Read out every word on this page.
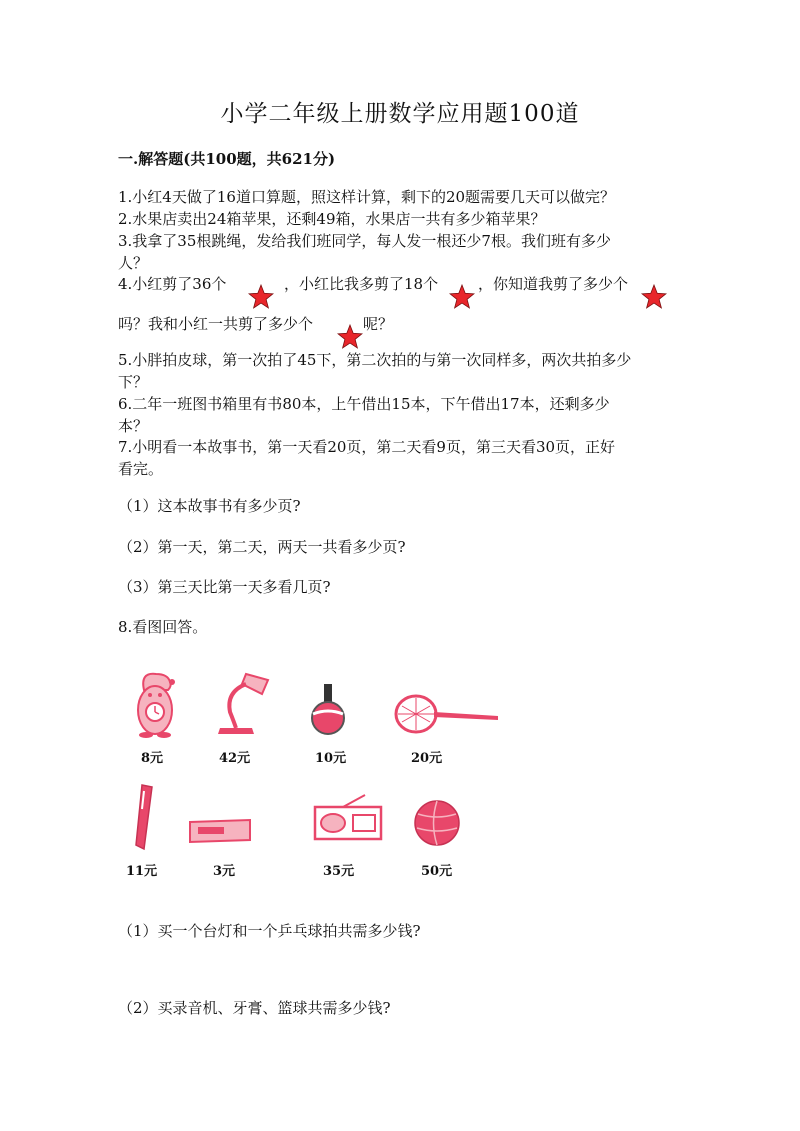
小学二年级上册数学应用题100道
一.解答题(共100题，共621分)
1.小红4天做了16道口算题，照这样计算，剩下的20题需要几天可以做完？
2.水果店卖出24箱苹果，还剩49箱，水果店一共有多少箱苹果？
3.我拿了35根跳绳，发给我们班同学，每人发一根还少7根。我们班有多少
人？
4.小红剪了36个	，小红比我多剪了18个	，你知道我剪了多少个
吗？我和小红一共剪了多少个	呢？
5.小胖拍皮球，第一次拍了45下，第二次拍的与第一次同样多，两次共拍多少
下？
6.二年一班图书箱里有书80本，上午借出15本，下午借出17本，还剩多少
本？
7.小明看一本故事书，第一天看20页，第二天看9页，第三天看30页，正好
看完。
（1）这本故事书有多少页?
（2）第一天，第二天，两天一共看多少页?
（3）第三天比第一天多看几页?
8.看图回答。
8元	42元	10元	20元
11元	3元	35元	50元
（1）买一个台灯和一个乒乓球拍共需多少钱?
（2）买录音机、牙膏、篮球共需多少钱?
